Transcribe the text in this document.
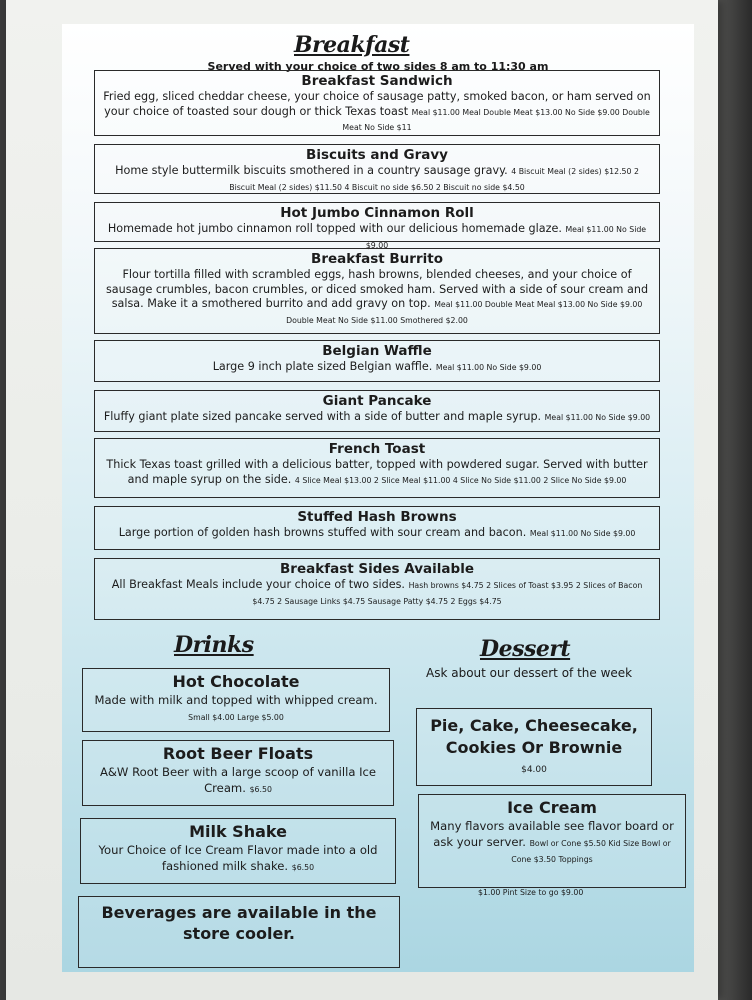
Breakfast
Served with your choice of two sides 8 am to 11:30 am
Breakfast Sandwich
Fried egg, sliced cheddar cheese, your choice of sausage patty, smoked bacon, or ham served on your choice of toasted sour dough or thick Texas toast Meal $11.00 Meal Double Meat $13.00 No Side $9.00 Double Meat No Side $11
Biscuits and Gravy
Home style buttermilk biscuits smothered in a country sausage gravy. 4 Biscuit Meal (2 sides) $12.50 2 Biscuit Meal (2 sides) $11.50 4 Biscuit no side $6.50 2 Biscuit no side $4.50
Hot Jumbo Cinnamon Roll
Homemade hot jumbo cinnamon roll topped with our delicious homemade glaze. Meal $11.00 No Side $9.00
Breakfast Burrito
Flour tortilla filled with scrambled eggs, hash browns, blended cheeses, and your choice of sausage crumbles, bacon crumbles, or diced smoked ham. Served with a side of sour cream and salsa. Make it a smothered burrito and add gravy on top. Meal $11.00 Double Meat Meal $13.00 No Side $9.00 Double Meat No Side $11.00 Smothered $2.00
Belgian Waffle
Large 9 inch plate sized Belgian waffle. Meal $11.00 No Side $9.00
Giant Pancake
Fluffy giant plate sized pancake served with a side of butter and maple syrup. Meal $11.00 No Side $9.00
French Toast
Thick Texas toast grilled with a delicious batter, topped with powdered sugar. Served with butter and maple syrup on the side. 4 Slice Meal $13.00 2 Slice Meal $11.00 4 Slice No Side $11.00 2 Slice No Side $9.00
Stuffed Hash Browns
Large portion of golden hash browns stuffed with sour cream and bacon. Meal $11.00 No Side $9.00
Breakfast Sides Available
All Breakfast Meals include your choice of two sides. Hash browns $4.75 2 Slices of Toast $3.95 2 Slices of Bacon $4.75 2 Sausage Links $4.75 Sausage Patty $4.75 2 Eggs $4.75
Drinks
Hot Chocolate
Made with milk and topped with whipped cream. Small $4.00 Large $5.00
Root Beer Floats
A&W Root Beer with a large scoop of vanilla Ice Cream. $6.50
Milk Shake
Your Choice of Ice Cream Flavor made into a old fashioned milk shake. $6.50
Beverages are available in the store cooler.
Dessert
Ask about our dessert of the week
Pie, Cake, Cheesecake, Cookies Or Brownie
$4.00
Ice Cream
Many flavors available see flavor board or ask your server. Bowl or Cone $5.50 Kid Size Bowl or Cone $3.50 Toppings
$1.00 Pint Size to go $9.00
